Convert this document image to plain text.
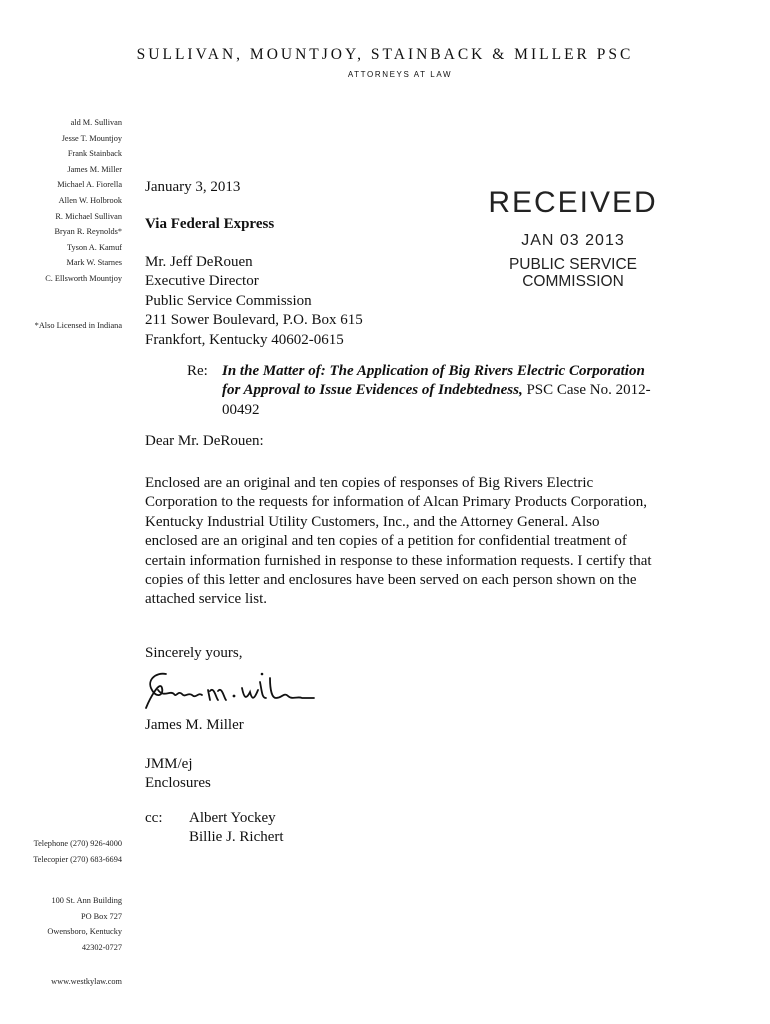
SULLIVAN, MOUNTJOY, STAINBACK & MILLER PSC
ATTORNEYS AT LAW
ald M. Sullivan
Jesse T. Mountjoy
Frank Stainback
James M. Miller
Michael A. Fiorella
Allen W. Holbrook
R. Michael Sullivan
Bryan R. Reynolds*
Tyson A. Kamuf
Mark W. Starnes
C. Ellsworth Mountjoy
*Also Licensed in Indiana
Telephone (270) 926-4000
Telecopier (270) 683-6694
100 St. Ann Building
PO Box 727
Owensboro, Kentucky
42302-0727
www.westkylaw.com
RECEIVED
JAN 03 2013
PUBLIC SERVICE
COMMISSION
January 3, 2013
Via Federal Express
Mr. Jeff DeRouen
Executive Director
Public Service Commission
211 Sower Boulevard, P.O. Box 615
Frankfort, Kentucky 40602-0615
Re: In the Matter of: The Application of Big Rivers Electric Corporation for Approval to Issue Evidences of Indebtedness, PSC Case No. 2012-00492
Dear Mr. DeRouen:
Enclosed are an original and ten copies of responses of Big Rivers Electric Corporation to the requests for information of Alcan Primary Products Corporation, Kentucky Industrial Utility Customers, Inc., and the Attorney General. Also enclosed are an original and ten copies of a petition for confidential treatment of certain information furnished in response to these information requests. I certify that copies of this letter and enclosures have been served on each person shown on the attached service list.
Sincerely yours,
James M. Miller
JMM/ej
Enclosures
cc: Albert Yockey
Billie J. Richert
